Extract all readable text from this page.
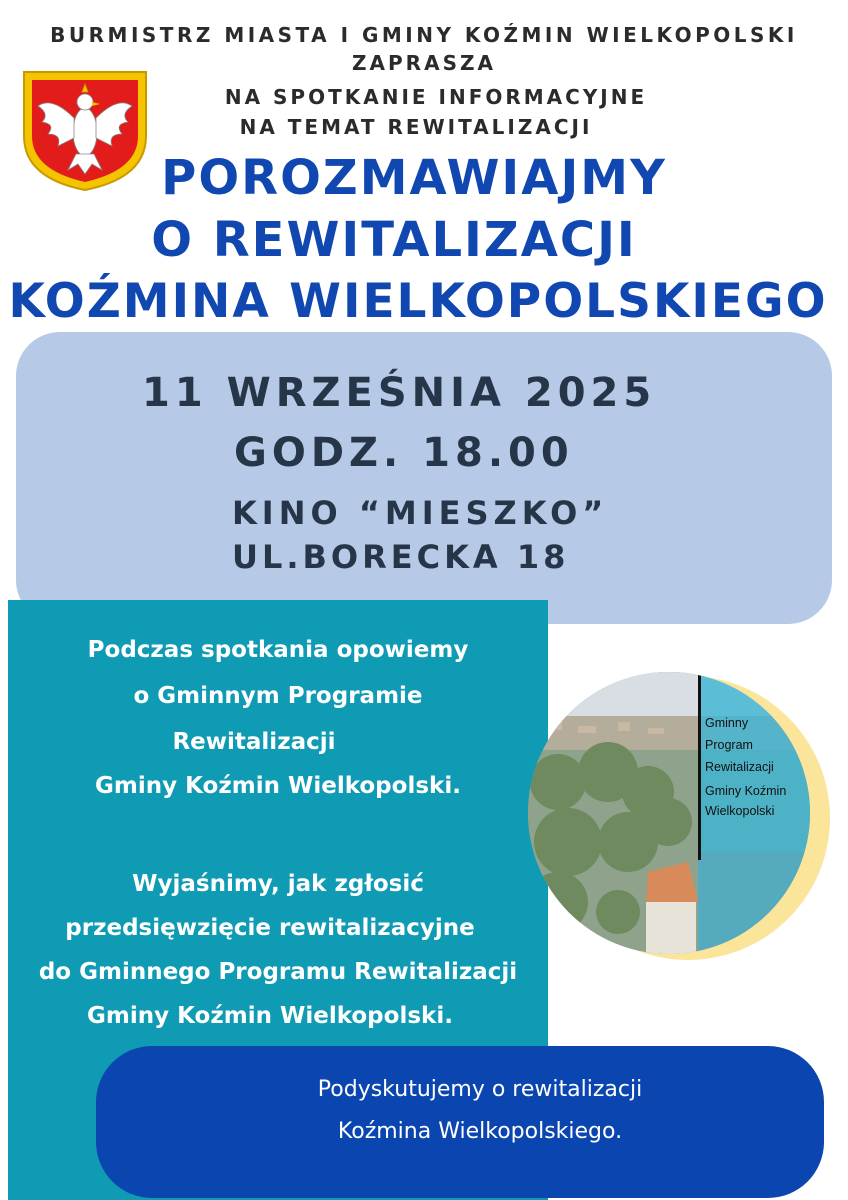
BURMISTRZ MIASTA I GMINY KOŹMIN WIELKOPOLSKI
ZAPRASZA
NA SPOTKANIE INFORMACYJNE
NA TEMAT REWITALIZACJI
POROZMAWIAJMY
O REWITALIZACJI
KOŹMINA WIELKOPOLSKIEGO
11 WRZEŚNIA 2025
GODZ. 18.00
KINO “MIESZKO”
UL.BORECKA 18
Podczas spotkania opowiemy
o Gminnym Programie
Rewitalizacji
Gminy Koźmin Wielkopolski.
Wyjaśnimy, jak zgłosić
przedsięwzięcie rewitalizacyjne
do Gminnego Programu Rewitalizacji
Gminy Koźmin Wielkopolski.
Gminny
Program
Rewitalizacji
Gminy Koźmin
Wielkopolski
Podyskutujemy o rewitalizacji
Koźmina Wielkopolskiego.
